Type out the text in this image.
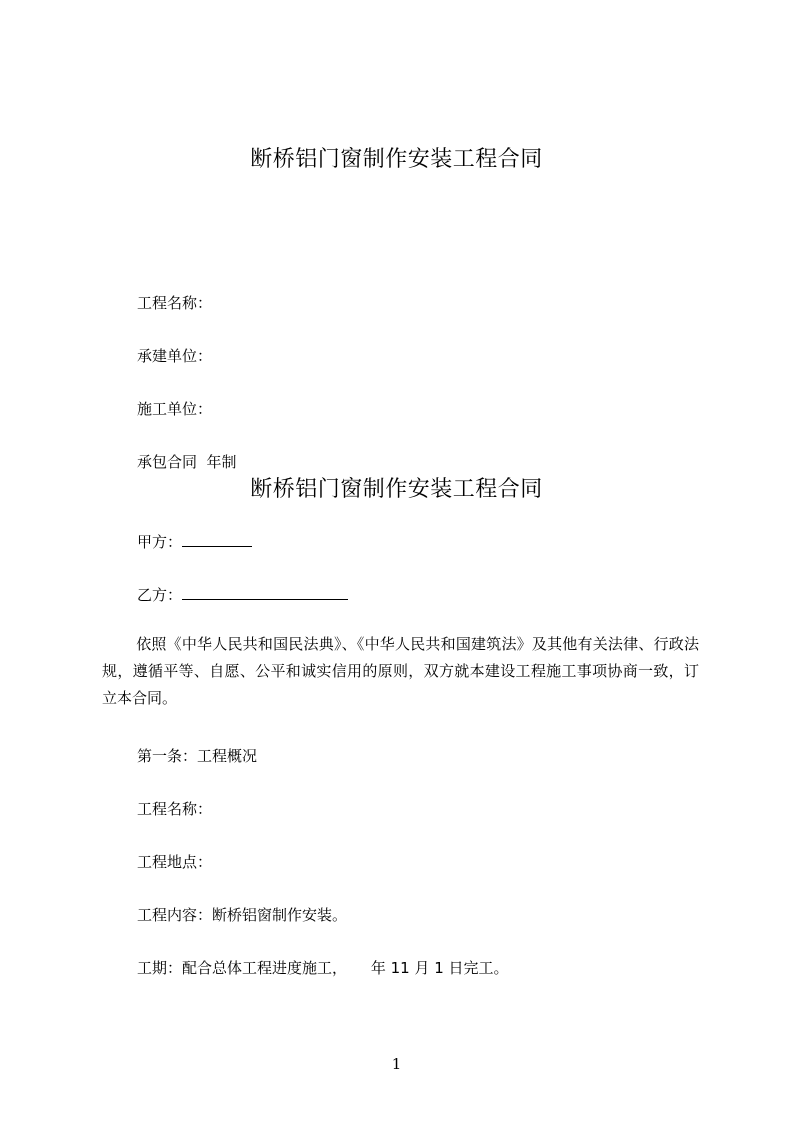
断桥铝门窗制作安装工程合同
工程名称：
承建单位：
施工单位：
承包合同  年制
断桥铝门窗制作安装工程合同
甲方：
乙方：
依照《中华人民共和国民法典》、《中华人民共和国建筑法》及其他有关法律、行政法规，遵循平等、自愿、公平和诚实信用的原则，双方就本建设工程施工事项协商一致，订立本合同。
第一条：工程概况
工程名称：
工程地点：
工程内容：断桥铝窗制作安装。
工期：配合总体工程进度施工，     年 11 月 1 日完工。
1
